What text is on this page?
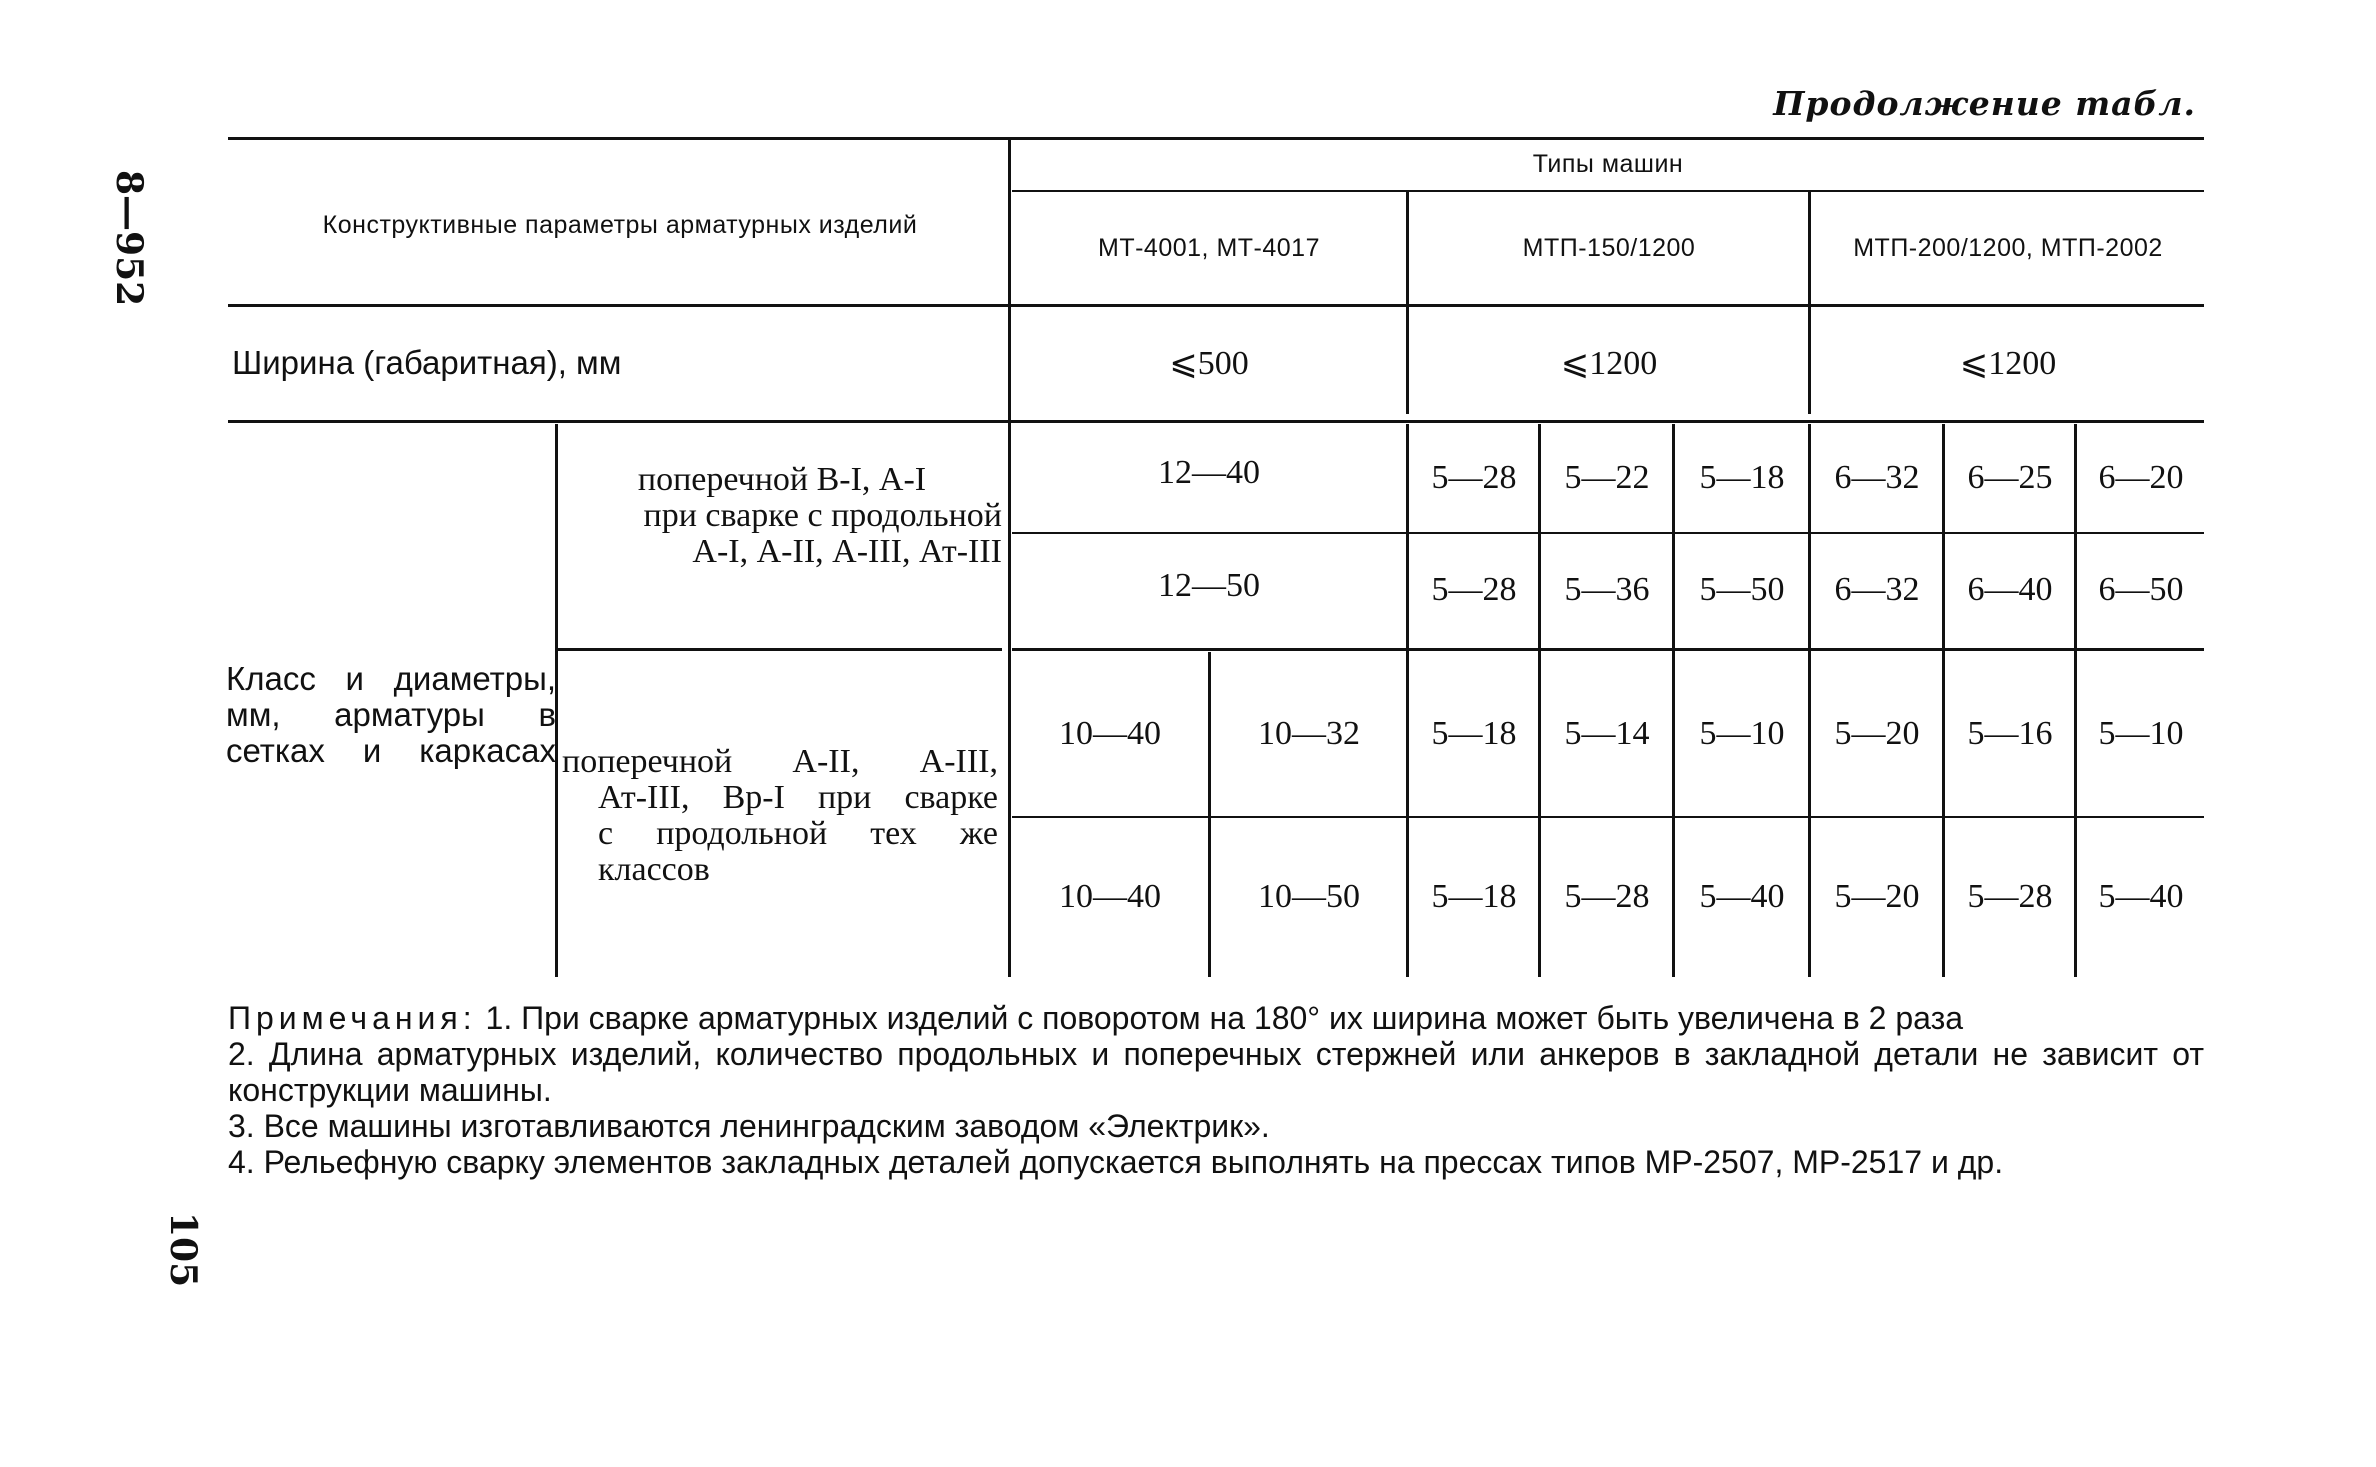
8—952
105
Продолжение табл.
Конструктивные параметры арматурных изделий
Типы машин
МТ-4001, МТ-4017	МТП-150/1200	МТП-200/1200, МТП-2002
Ширина (габаритная), мм	⩽500	⩽1200	⩽1200
Класс и диаметры, мм, арматуры в сетках и каркасах
поперечной В-I, А-I
при сварке с продольной
А-I, А-II, А-III, Ат-III
12—40	5—28	5—22	5—18	6—32	6—25	6—20
12—50	5—28	5—36	5—50	6—32	6—40	6—50
поперечной А-II, А-III,
Ат-III, Вр-I при сварке
с продольной тех же
классов
10—40	10—32	5—18	5—14	5—10	5—20	5—16	5—10
10—40	10—50	5—18	5—28	5—40	5—20	5—28	5—40

Примечания: 1. При сварке арматурных изделий с поворотом на 180° их ширина может быть увеличена в 2 раза

2. Длина арматурных изделий, количество продольных и поперечных стержней или анкеров в закладной детали не зависит от конструкции машины.

3. Все машины изготавливаются ленинградским заводом «Электрик».

4. Рельефную сварку элементов закладных деталей допускается выполнять на прессах типов МР-2507, МР-2517 и др.
